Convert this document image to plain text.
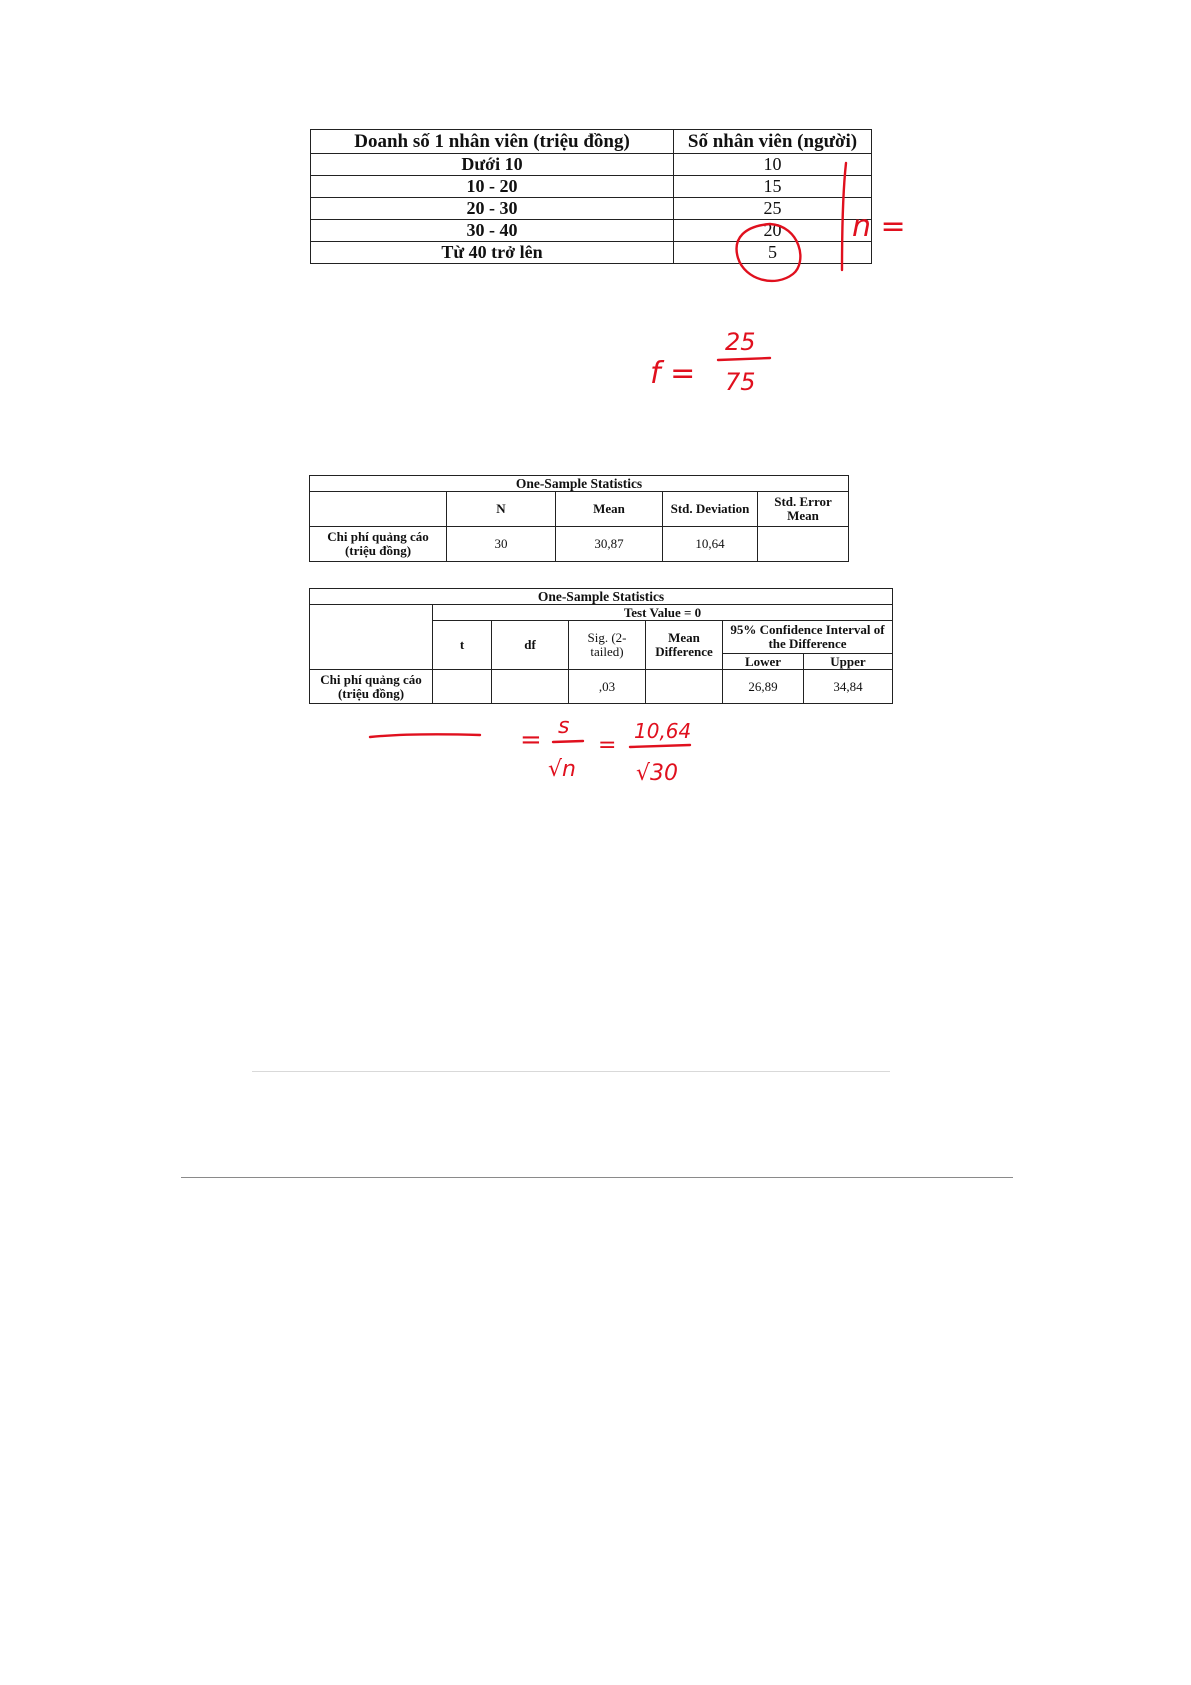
Doanh số 1 nhân viên (triệu đồng)	Số nhân viên (người)
Dưới 10	10
10 - 20	15
20 - 30	25
30 - 40	20
Từ 40 trở lên	5
One-Sample Statistics				
	N	Mean	Std. Deviation	Std. Error Mean
Chi phí quảng cáo (triệu đồng)	30	30,87	10,64	
One-Sample Statistics						
	Test Value = 0					
	t	df	Sig. (2-tailed)	Mean Difference	95% Confidence Interval of the Difference	
					Lower	Upper
Chi phí quảng cáo (triệu đồng)			,03		26,89	34,84
n =
f =
25
75
= s
√n
=
10,64
√30
